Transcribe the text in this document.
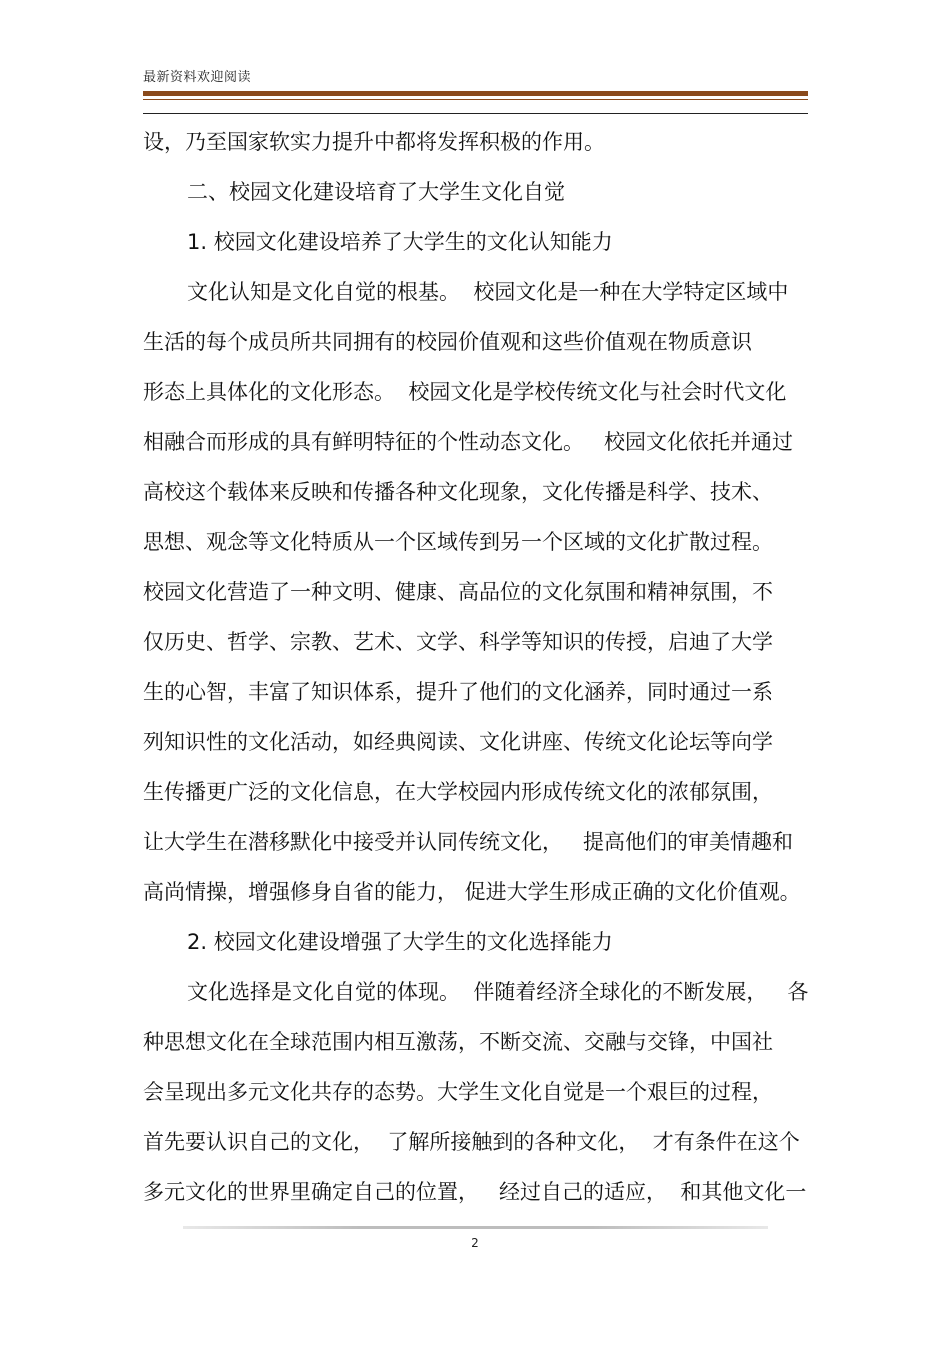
最新资料欢迎阅读
设，乃至国家软实力提升中都将发挥积极的作用。
二、校园文化建设培育了大学生文化自觉
1. 校园文化建设培养了大学生的文化认知能力
文化认知是文化自觉的根基。  校园文化是一种在大学特定区域中
生活的每个成员所共同拥有的校园价值观和这些价值观在物质意识
形态上具体化的文化形态。  校园文化是学校传统文化与社会时代文化
相融合而形成的具有鲜明特征的个性动态文化。   校园文化依托并通过
高校这个载体来反映和传播各种文化现象，文化传播是科学、技术、
思想、观念等文化特质从一个区域传到另一个区域的文化扩散过程。
校园文化营造了一种文明、健康、高品位的文化氛围和精神氛围，不
仅历史、哲学、宗教、艺术、文学、科学等知识的传授，启迪了大学
生的心智，丰富了知识体系，提升了他们的文化涵养，同时通过一系
列知识性的文化活动，如经典阅读、文化讲座、传统文化论坛等向学
生传播更广泛的文化信息，在大学校园内形成传统文化的浓郁氛围，
让大学生在潜移默化中接受并认同传统文化，   提高他们的审美情趣和
高尚情操，增强修身自省的能力， 促进大学生形成正确的文化价值观。
2. 校园文化建设增强了大学生的文化选择能力
文化选择是文化自觉的体现。  伴随着经济全球化的不断发展，   各
种思想文化在全球范围内相互激荡，不断交流、交融与交锋，中国社
会呈现出多元文化共存的态势。大学生文化自觉是一个艰巨的过程，
首先要认识自己的文化，  了解所接触到的各种文化，  才有条件在这个
多元文化的世界里确定自己的位置，   经过自己的适应，  和其他文化一
2
